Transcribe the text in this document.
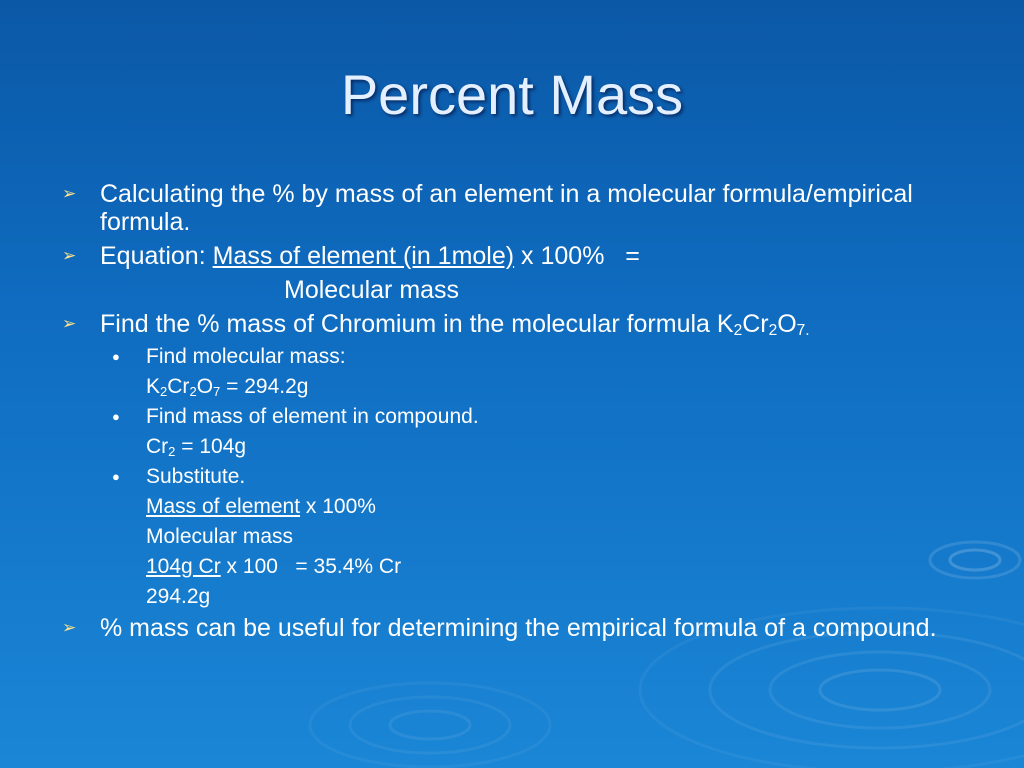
Percent Mass
➢ Calculating the % by mass of an element in a molecular formula/empirical formula.
➢ Equation: Mass of element (in 1mole) x 100%   =
Molecular mass
➢ Find the % mass of Chromium in the molecular formula $K_2Cr_2O_{7.}$
● Find molecular mass:
$K_2Cr_2O_7 = 294.2g$
● Find mass of element in compound.
$Cr_2 = 104g$
● Substitute.
Mass of element x 100%
Molecular mass
104g Cr x 100   = 35.4% Cr
294.2g
➢ % mass can be useful for determining the empirical formula of a compound.
